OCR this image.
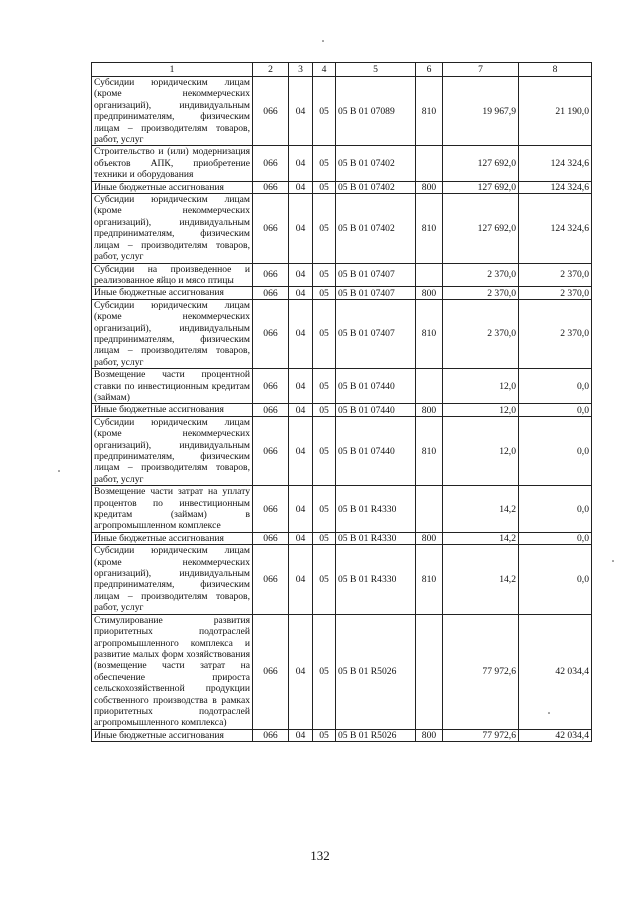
1	2	3	4	5	6	7	8
Субсидии юридическим лицам (кроме некоммерческих организаций), индивидуальным предпринимателям, физическим лицам – производителям товаров, работ, услуг	066	04	05	05 В 01 07089	810	19 967,9	21 190,0
Строительство и (или) модернизация объектов АПК, приобретение техники и оборудования	066	04	05	05 В 01 07402		127 692,0	124 324,6
Иные бюджетные ассигнования	066	04	05	05 В 01 07402	800	127 692,0	124 324,6
Субсидии юридическим лицам (кроме некоммерческих организаций), индивидуальным предпринимателям, физическим лицам – производителям товаров, работ, услуг	066	04	05	05 В 01 07402	810	127 692,0	124 324,6
Субсидии на произведенное и реализованное яйцо и мясо птицы	066	04	05	05 В 01 07407		2 370,0	2 370,0
Иные бюджетные ассигнования	066	04	05	05 В 01 07407	800	2 370,0	2 370,0
Субсидии юридическим лицам (кроме некоммерческих организаций), индивидуальным предпринимателям, физическим лицам – производителям товаров, работ, услуг	066	04	05	05 В 01 07407	810	2 370,0	2 370,0
Возмещение части процентной ставки по инвестиционным кредитам (займам)	066	04	05	05 В 01 07440		12,0	0,0
Иные бюджетные ассигнования	066	04	05	05 В 01 07440	800	12,0	0,0
Субсидии юридическим лицам (кроме некоммерческих организаций), индивидуальным предпринимателям, физическим лицам – производителям товаров, работ, услуг	066	04	05	05 В 01 07440	810	12,0	0,0
Возмещение части затрат на уплату процентов по инвестиционным кредитам (займам) в агропромышленном комплексе	066	04	05	05 В 01 R4330		14,2	0,0
Иные бюджетные ассигнования	066	04	05	05 В 01 R4330	800	14,2	0,0
Субсидии юридическим лицам (кроме некоммерческих организаций), индивидуальным предпринимателям, физическим лицам – производителям товаров, работ, услуг	066	04	05	05 В 01 R4330	810	14,2	0,0
Стимулирование развития приоритетных подотраслей агропромышленного комплекса и развитие малых форм хозяйствования (возмещение части затрат на обеспечение прироста сельскохозяйственной продукции собственного производства в рамках приоритетных подотраслей агропромышленного комплекса)	066	04	05	05 В 01 R5026		77 972,6	42 034,4
Иные бюджетные ассигнования	066	04	05	05 В 01 R5026	800	77 972,6	42 034,4
132
